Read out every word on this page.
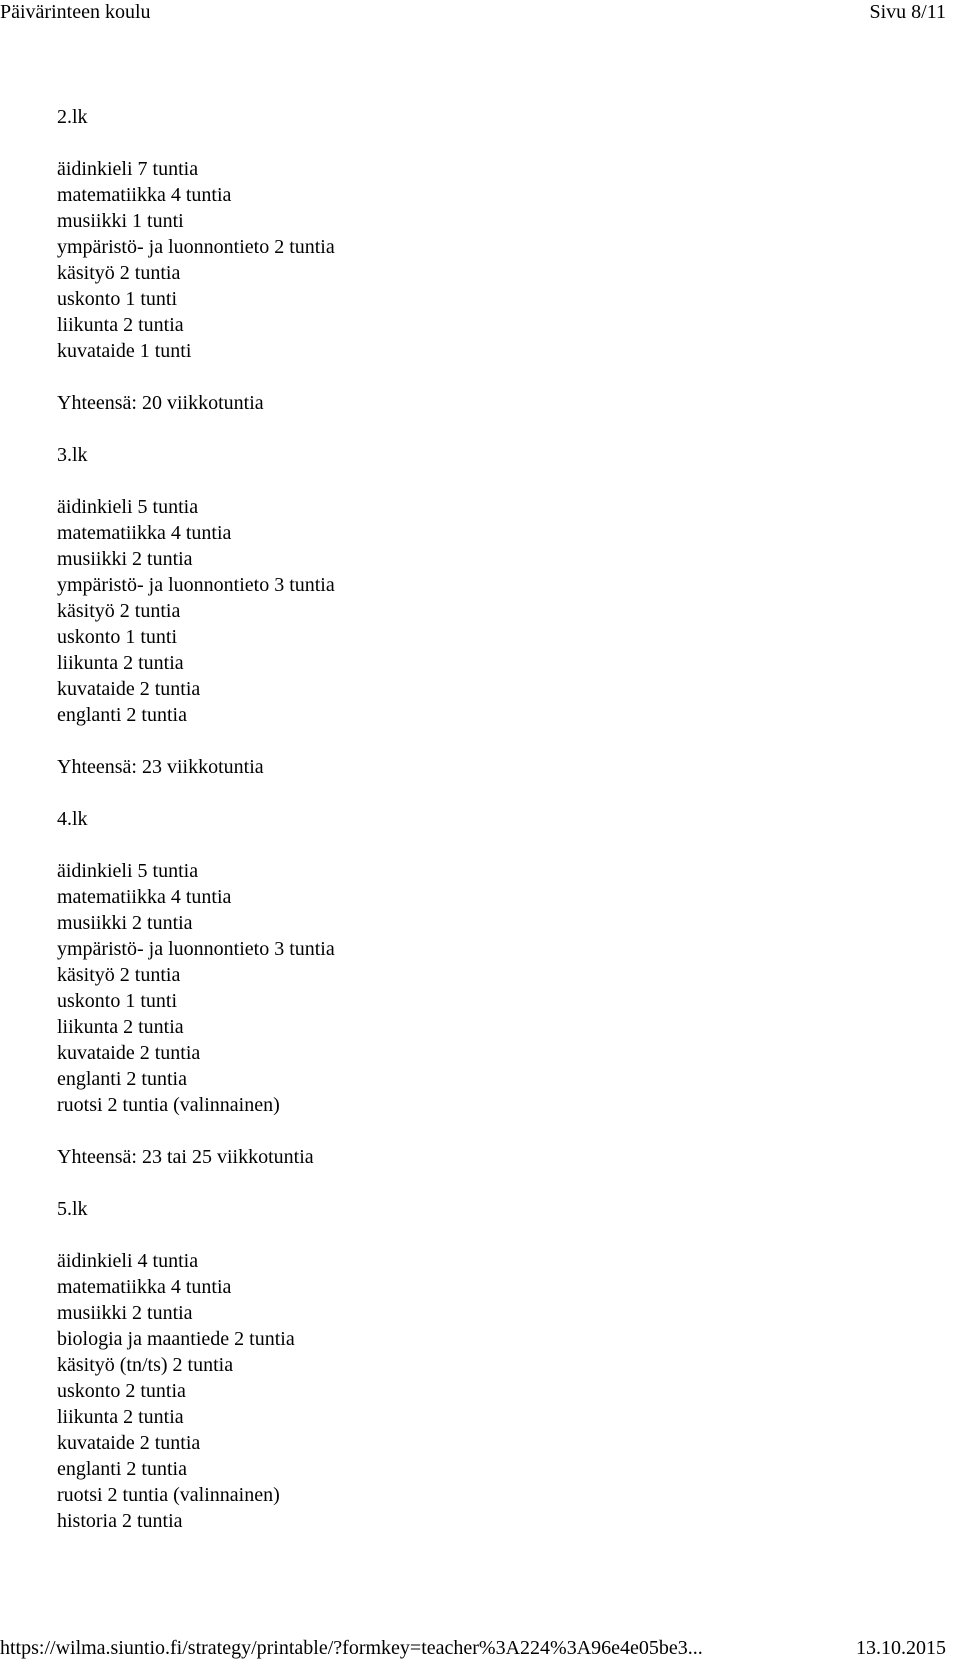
Päivärinteen koulu	Sivu 8/11
2.lk
äidinkieli 7 tuntia
matematiikka 4 tuntia
musiikki 1 tunti
ympäristö- ja luonnontieto 2 tuntia
käsityö 2 tuntia
uskonto 1 tunti
liikunta 2 tuntia
kuvataide 1 tunti
Yhteensä: 20 viikkotuntia
3.lk
äidinkieli 5 tuntia
matematiikka 4 tuntia
musiikki 2 tuntia
ympäristö- ja luonnontieto 3 tuntia
käsityö 2 tuntia
uskonto 1 tunti
liikunta 2 tuntia
kuvataide 2 tuntia
englanti 2 tuntia
Yhteensä: 23 viikkotuntia
4.lk
äidinkieli 5 tuntia
matematiikka 4 tuntia
musiikki 2 tuntia
ympäristö- ja luonnontieto 3 tuntia
käsityö 2 tuntia
uskonto 1 tunti
liikunta 2 tuntia
kuvataide 2 tuntia
englanti 2 tuntia
ruotsi 2 tuntia (valinnainen)
Yhteensä: 23 tai 25 viikkotuntia
5.lk
äidinkieli 4 tuntia
matematiikka 4 tuntia
musiikki 2 tuntia
biologia ja maantiede 2 tuntia
käsityö (tn/ts) 2 tuntia
uskonto 2 tuntia
liikunta 2 tuntia
kuvataide 2 tuntia
englanti 2 tuntia
ruotsi 2 tuntia (valinnainen)
historia 2 tuntia
https://wilma.siuntio.fi/strategy/printable/?formkey=teacher%3A224%3A96e4e05be3...	13.10.2015
